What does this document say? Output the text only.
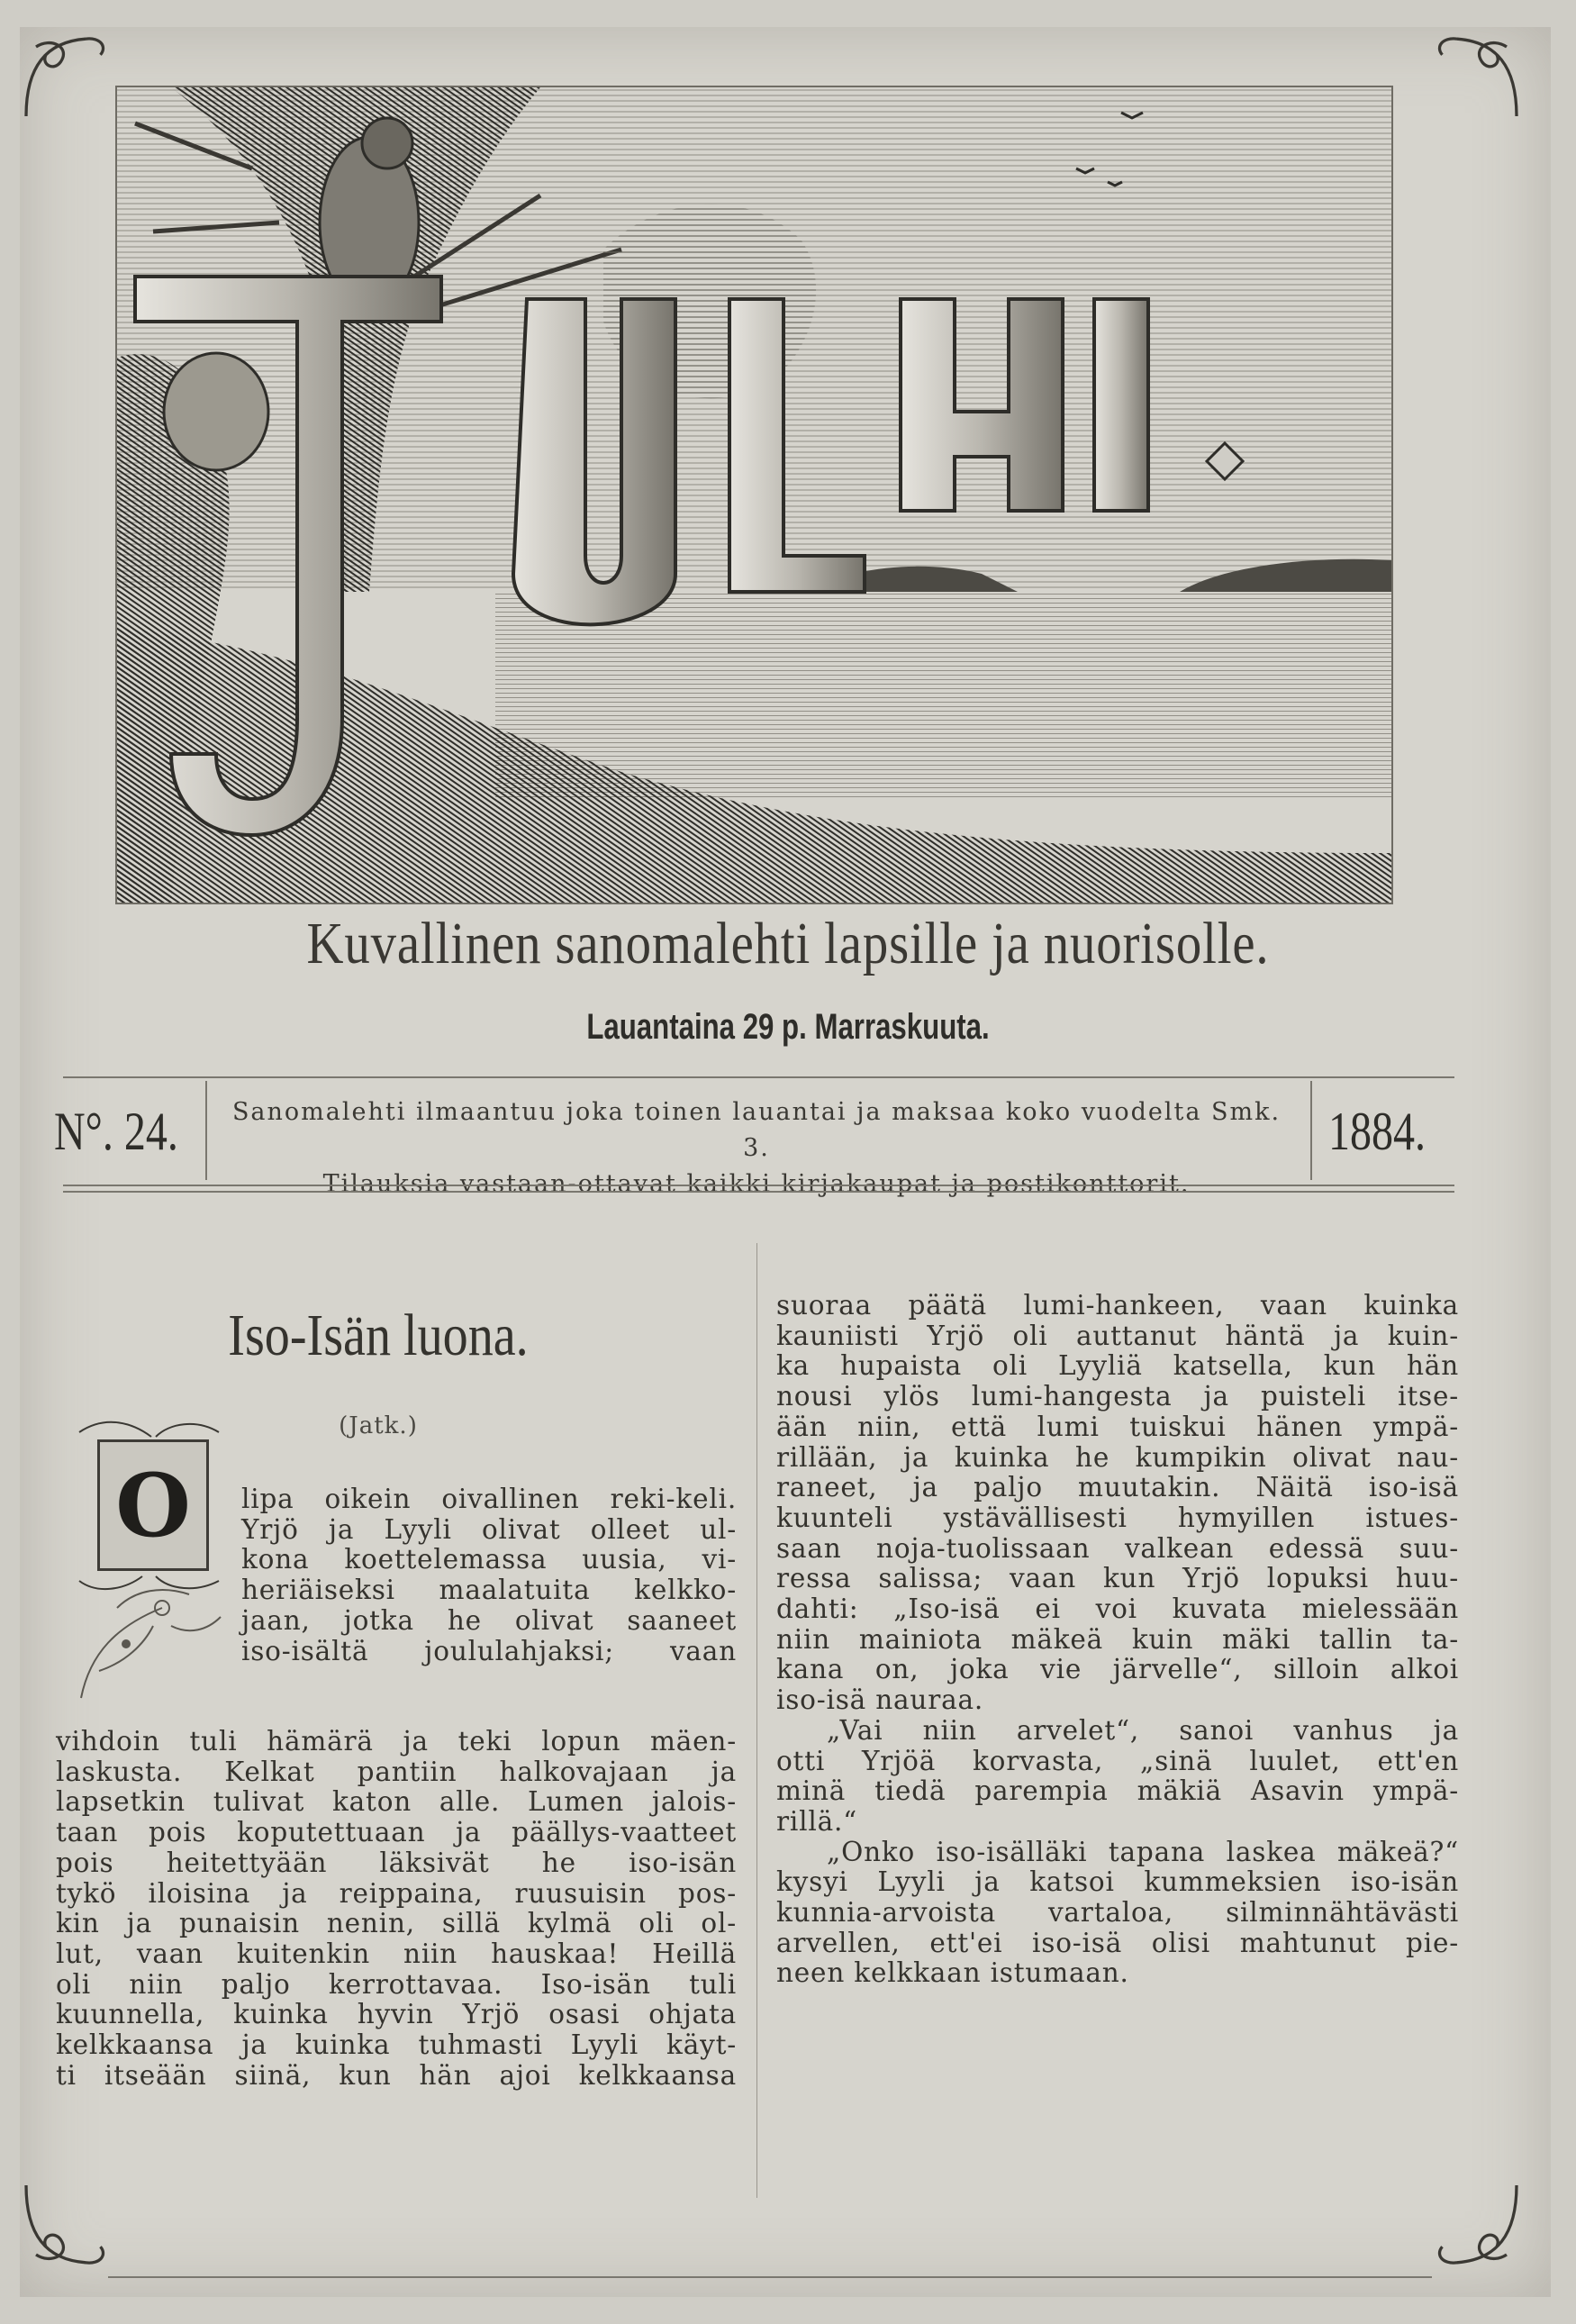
Kuvallinen sanomalehti lapsille ja nuorisolle.
Lauantaina 29 p. Marraskuuta.
N°. 24.	Sanomalehti ilmaantuu joka toinen lauantai ja maksaa koko vuodelta Smk. 3.
Tilauksia vastaan-ottavat kaikki kirjakaupat ja postikonttorit.
1884.
Iso-Isän luona.
(Jatk.)
O	lipa oikein oivallinen reki-keli.
Yrjö ja Lyyli olivat olleet ul-
kona koettelemassa uusia, vi-
heriäiseksi maalatuita kelkko-
jaan, jotka he olivat saaneet
iso-isältä joululahjaksi; vaan
vihdoin tuli hämärä ja teki lopun mäen-
laskusta. Kelkat pantiin halkovajaan ja
lapsetkin tulivat katon alle. Lumen jalois-
taan pois koputettuaan ja päällys-vaatteet
pois heitettyään läksivät he iso-isän
tykö iloisina ja reippaina, ruusuisin pos-
kin ja punaisin nenin, sillä kylmä oli ol-
lut, vaan kuitenkin niin hauskaa! Heillä
oli niin paljo kerrottavaa. Iso-isän tuli
kuunnella, kuinka hyvin Yrjö osasi ohjata
kelkkaansa ja kuinka tuhmasti Lyyli käyt-
ti itseään siinä, kun hän ajoi kelkkaansa
suoraa päätä lumi-hankeen, vaan kuinka
kauniisti Yrjö oli auttanut häntä ja kuin-
ka hupaista oli Lyyliä katsella, kun hän
nousi ylös lumi-hangesta ja puisteli itse-
ään niin, että lumi tuiskui hänen ympä-
rillään, ja kuinka he kumpikin olivat nau-
raneet, ja paljo muutakin. Näitä iso-isä
kuunteli ystävällisesti hymyillen istues-
saan noja-tuolissaan valkean edessä suu-
ressa salissa; vaan kun Yrjö lopuksi huu-
dahti: „Iso-isä ei voi kuvata mielessään
niin mainiota mäkeä kuin mäki tallin ta-
kana on, joka vie järvelle“, silloin alkoi
iso-isä nauraa.
„Vai niin arvelet“, sanoi vanhus ja
otti Yrjöä korvasta, „sinä luulet, ett'en
minä tiedä parempia mäkiä Asavin ympä-
rillä.“
„Onko iso-isälläki tapana laskea mäkeä?“
kysyi Lyyli ja katsoi kummeksien iso-isän
kunnia-arvoista vartaloa, silminnähtävästi
arvellen, ett'ei iso-isä olisi mahtunut pie-
neen kelkkaan istumaan.
